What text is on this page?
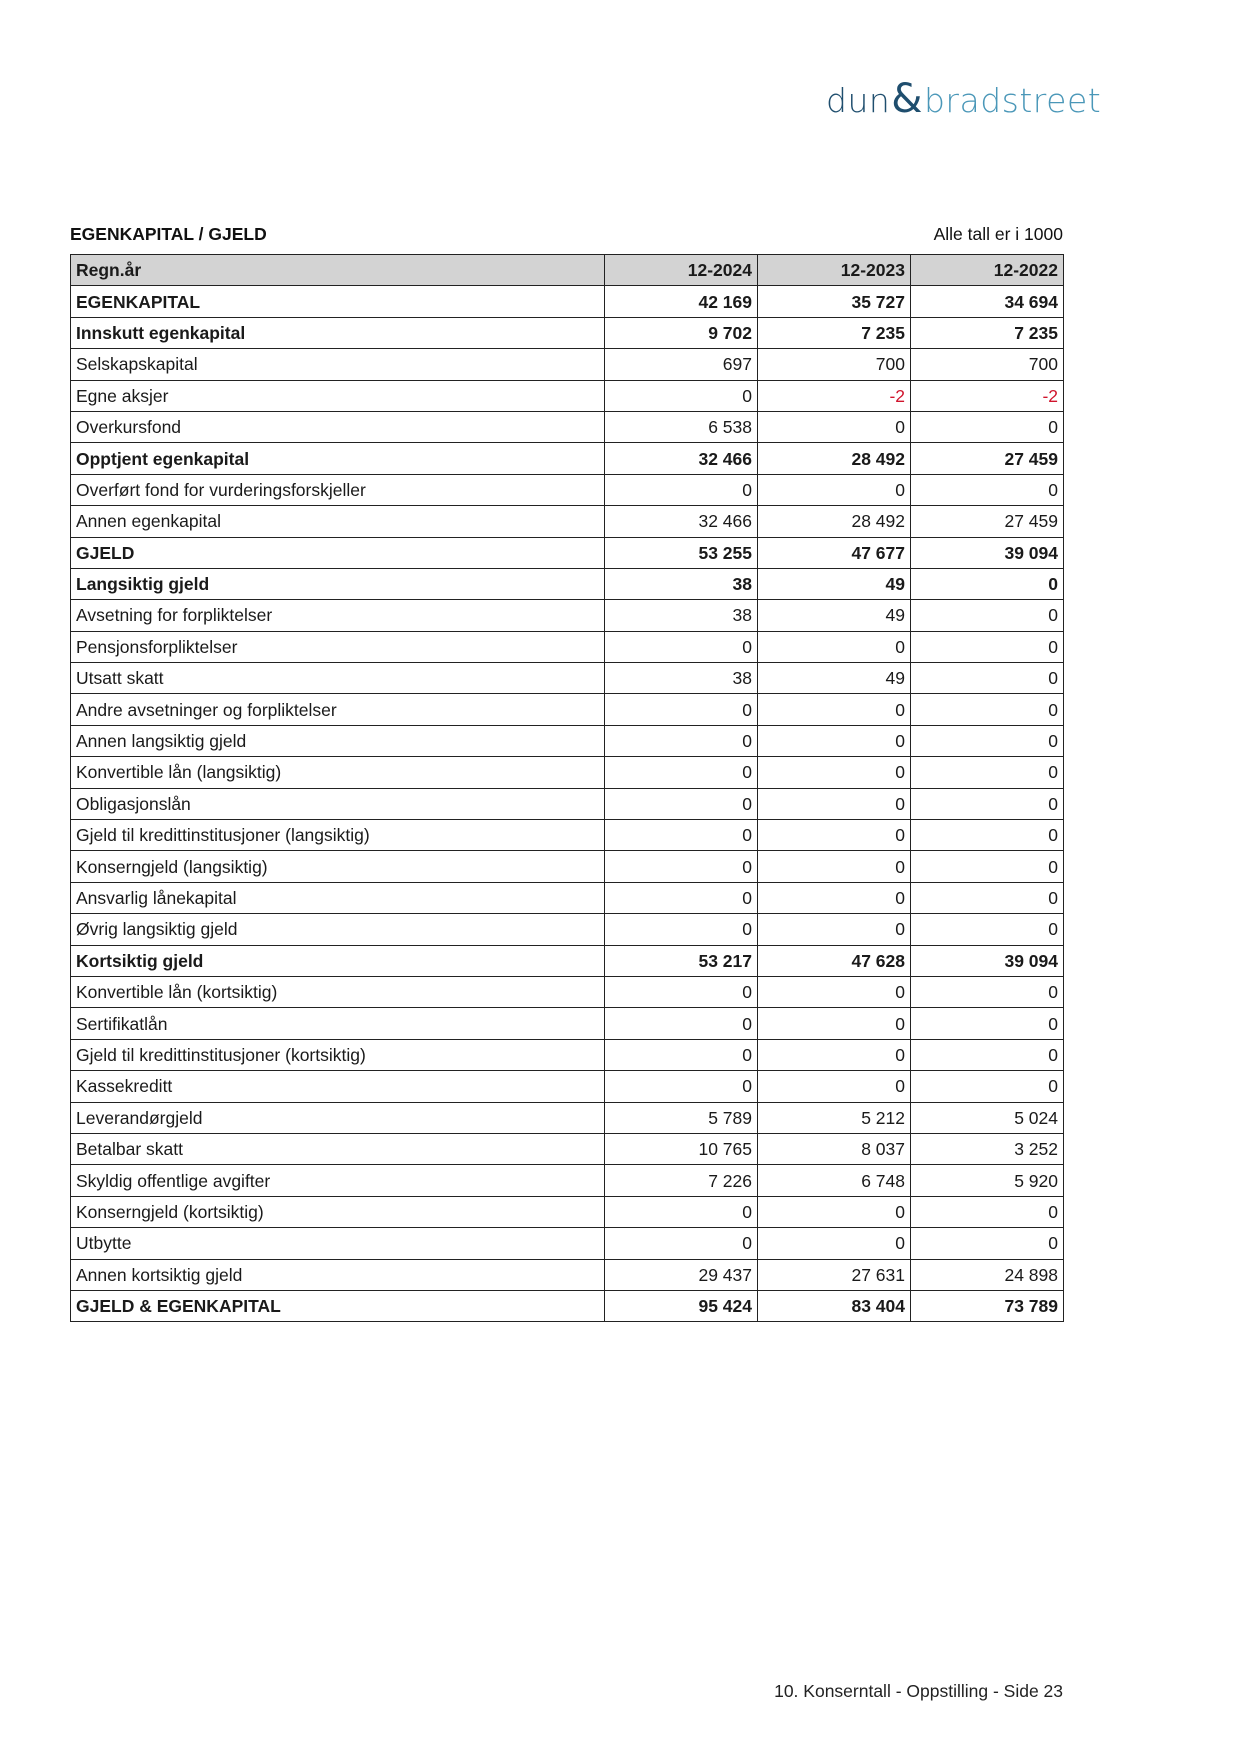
dun & bradstreet
EGENKAPITAL / GJELD	Alle tall er i 1000
Regn.år	12-2024	12-2023	12-2022
EGENKAPITAL	42 169	35 727	34 694
Innskutt egenkapital	9 702	7 235	7 235
Selskapskapital	697	700	700
Egne aksjer	0	-2	-2
Overkursfond	6 538	0	0
Opptjent egenkapital	32 466	28 492	27 459
Overført fond for vurderingsforskjeller	0	0	0
Annen egenkapital	32 466	28 492	27 459
GJELD	53 255	47 677	39 094
Langsiktig gjeld	38	49	0
Avsetning for forpliktelser	38	49	0
Pensjonsforpliktelser	0	0	0
Utsatt skatt	38	49	0
Andre avsetninger og forpliktelser	0	0	0
Annen langsiktig gjeld	0	0	0
Konvertible lån (langsiktig)	0	0	0
Obligasjonslån	0	0	0
Gjeld til kredittinstitusjoner (langsiktig)	0	0	0
Konserngjeld (langsiktig)	0	0	0
Ansvarlig lånekapital	0	0	0
Øvrig langsiktig gjeld	0	0	0
Kortsiktig gjeld	53 217	47 628	39 094
Konvertible lån (kortsiktig)	0	0	0
Sertifikatlån	0	0	0
Gjeld til kredittinstitusjoner (kortsiktig)	0	0	0
Kassekreditt	0	0	0
Leverandørgjeld	5 789	5 212	5 024
Betalbar skatt	10 765	8 037	3 252
Skyldig offentlige avgifter	7 226	6 748	5 920
Konserngjeld (kortsiktig)	0	0	0
Utbytte	0	0	0
Annen kortsiktig gjeld	29 437	27 631	24 898
GJELD & EGENKAPITAL	95 424	83 404	73 789
10. Konserntall - Oppstilling - Side 23
